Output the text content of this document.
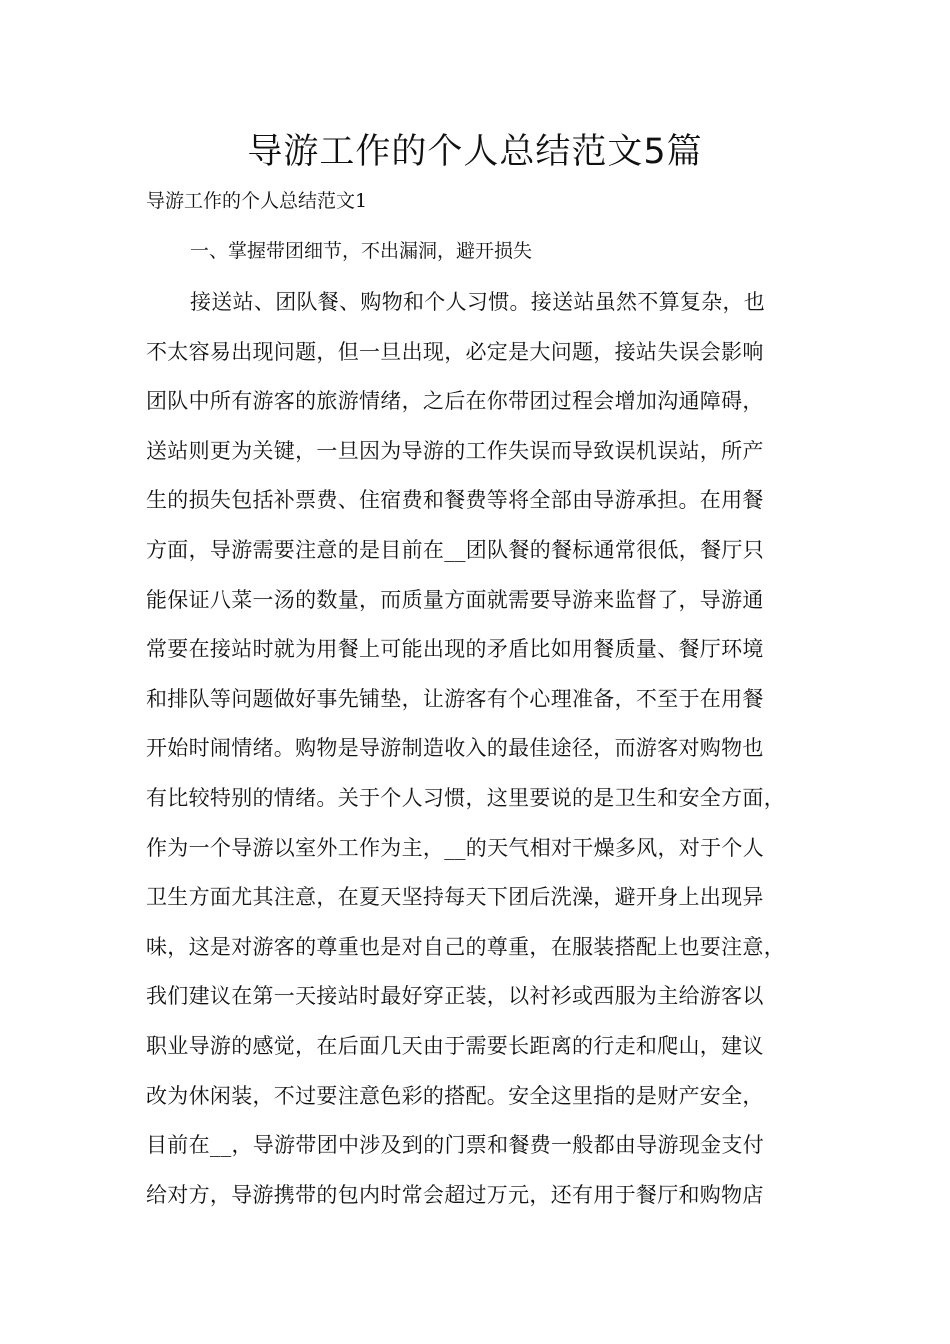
导游工作的个人总结范文5篇

导游工作的个人总结范文1

一、掌握带团细节，不出漏洞，避开损失

接送站、团队餐、购物和个人习惯。接送站虽然不算复杂，也
不太容易出现问题，但一旦出现，必定是大问题，接站失误会影响
团队中所有游客的旅游情绪，之后在你带团过程会增加沟通障碍，
送站则更为关键，一旦因为导游的工作失误而导致误机误站，所产
生的损失包括补票费、住宿费和餐费等将全部由导游承担。在用餐
方面，导游需要注意的是目前在__团队餐的餐标通常很低，餐厅只
能保证八菜一汤的数量，而质量方面就需要导游来监督了，导游通
常要在接站时就为用餐上可能出现的矛盾比如用餐质量、餐厅环境
和排队等问题做好事先铺垫，让游客有个心理准备，不至于在用餐
开始时闹情绪。购物是导游制造收入的最佳途径，而游客对购物也
有比较特别的情绪。关于个人习惯，这里要说的是卫生和安全方面，
作为一个导游以室外工作为主，__的天气相对干燥多风，对于个人
卫生方面尤其注意，在夏天坚持每天下团后洗澡，避开身上出现异
味，这是对游客的尊重也是对自己的尊重，在服装搭配上也要注意，
我们建议在第一天接站时最好穿正装，以衬衫或西服为主给游客以
职业导游的感觉，在后面几天由于需要长距离的行走和爬山，建议
改为休闲装，不过要注意色彩的搭配。安全这里指的是财产安全，
目前在__，导游带团中涉及到的门票和餐费一般都由导游现金支付
给对方，导游携带的包内时常会超过万元，还有用于餐厅和购物店
